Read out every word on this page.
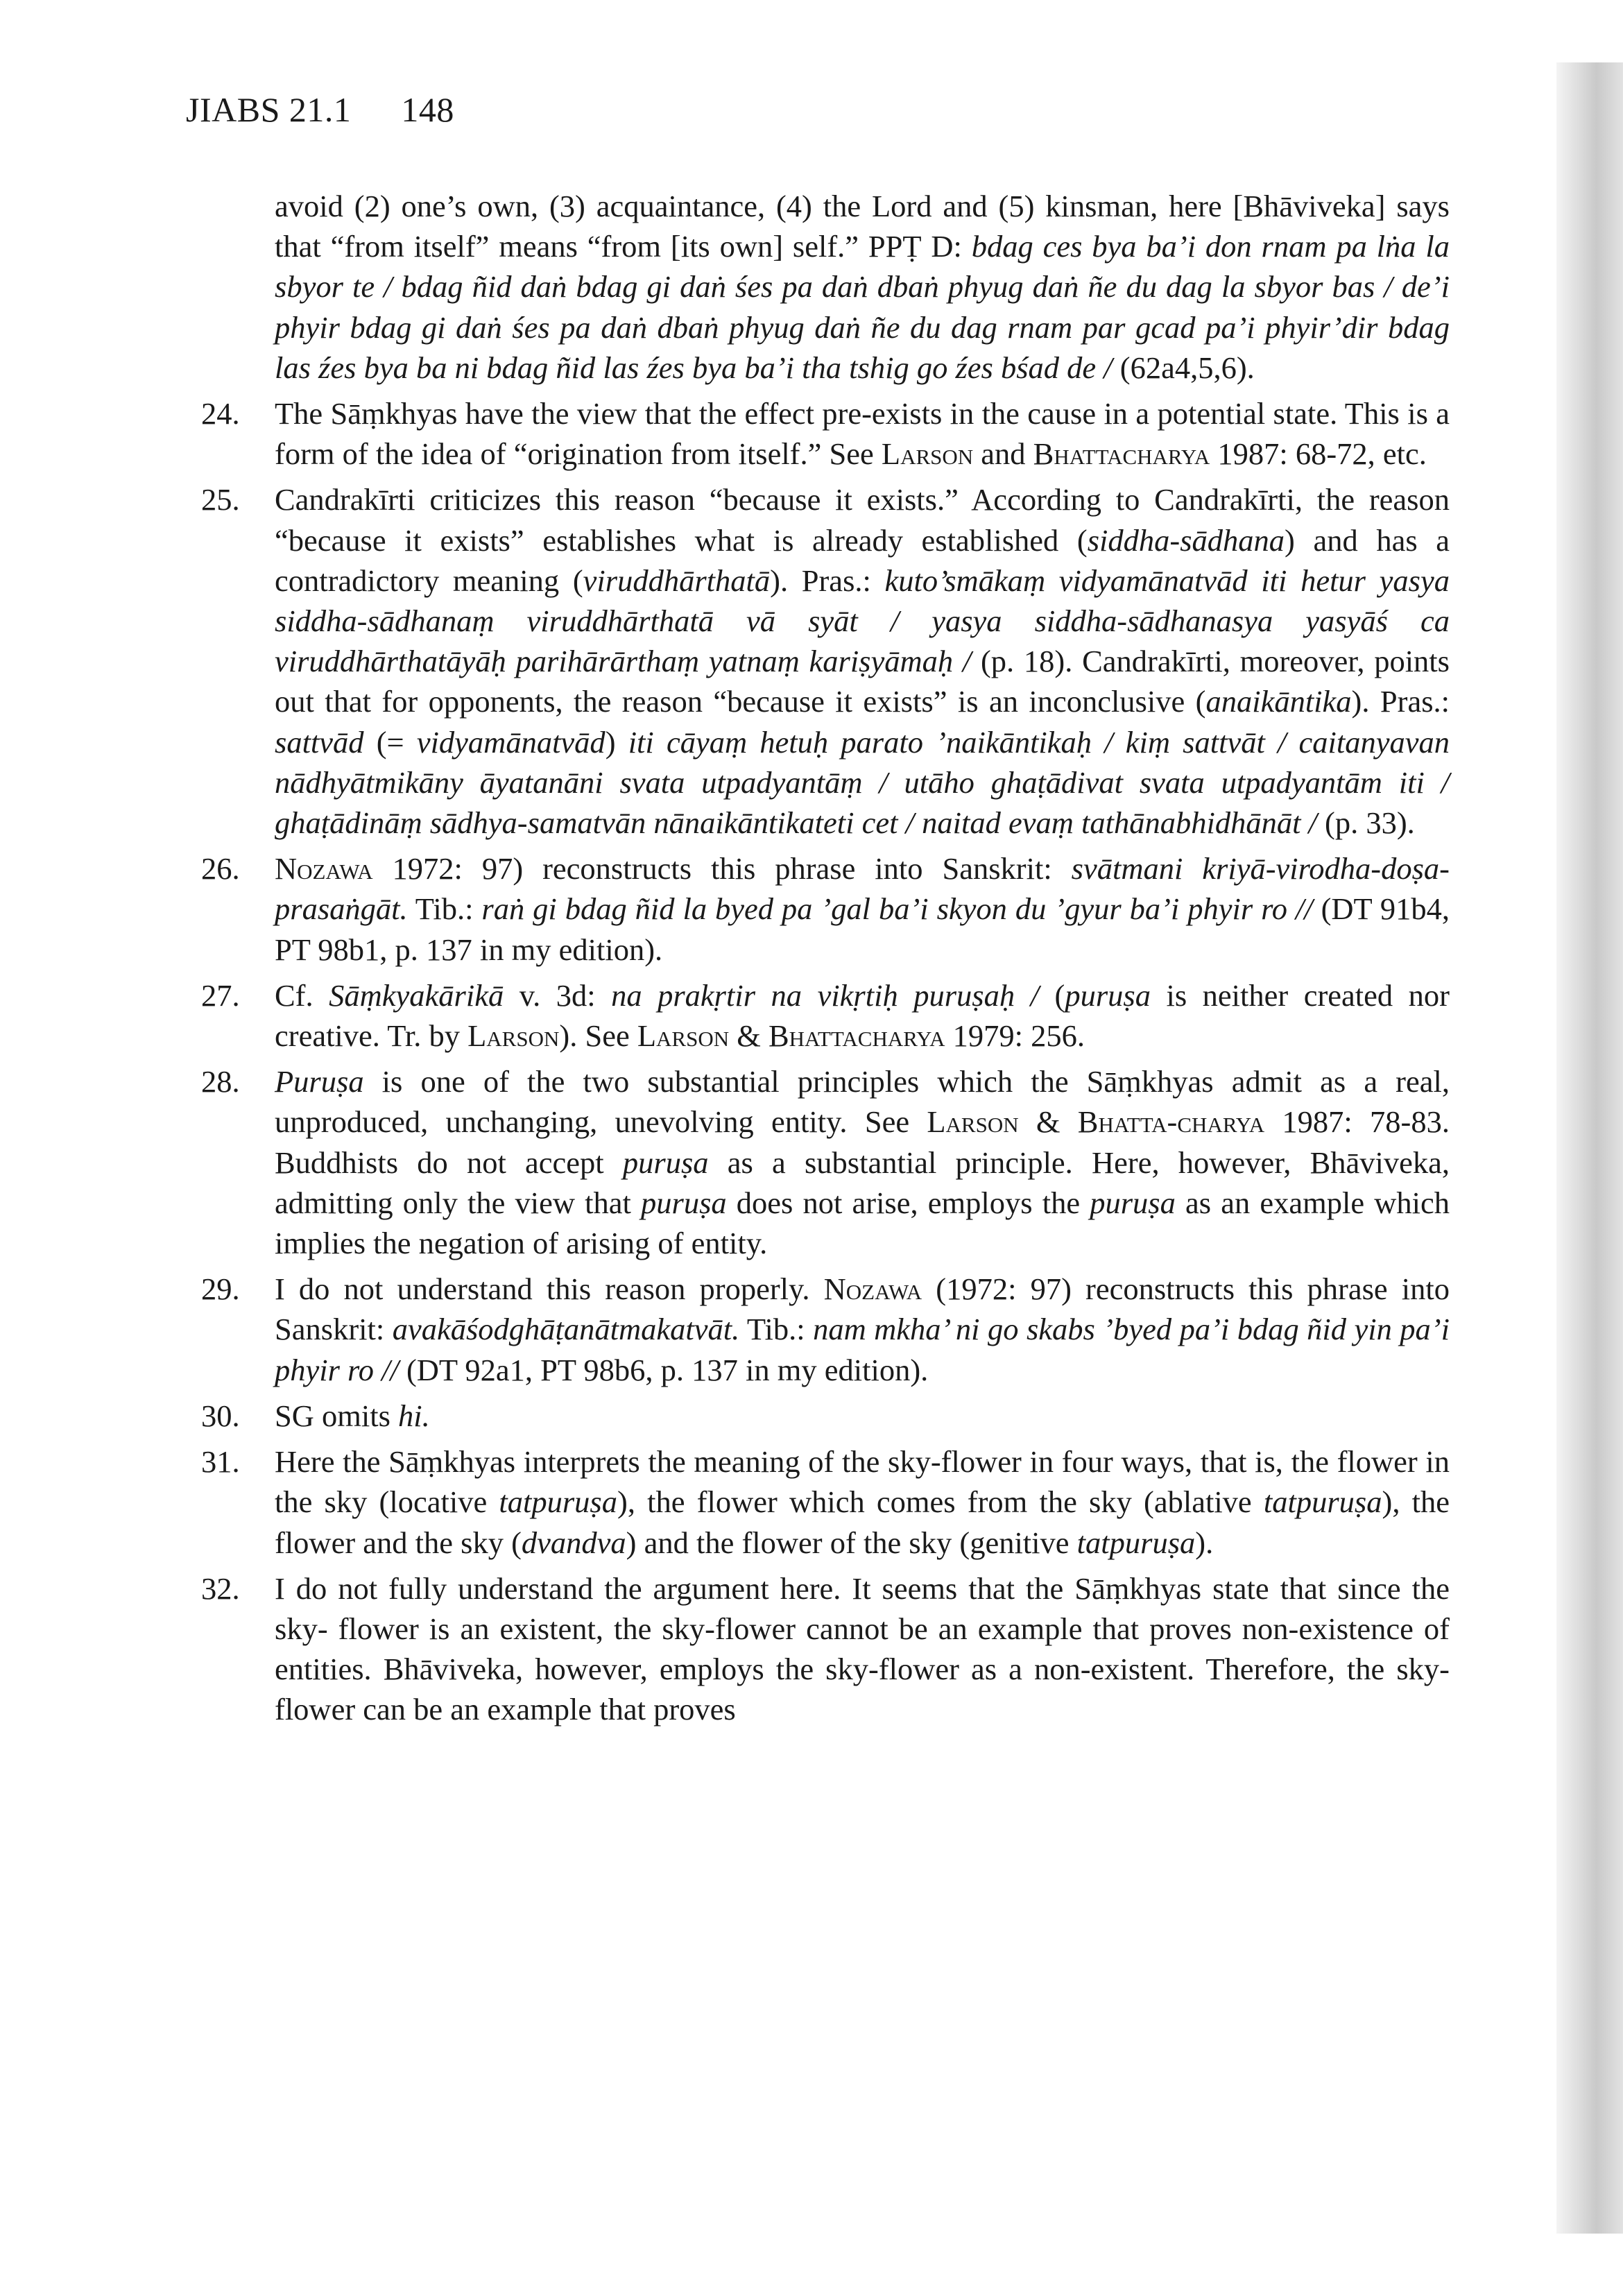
JIABS 21.1 148

avoid (2) one’s own, (3) acquaintance, (4) the Lord and (5) kinsman, here [Bhāviveka] says that “from itself” means “from [its own] self.” PPṬ D: bdag ces bya ba’i don rnam pa lṅa la sbyor te / bdag ñid daṅ bdag gi daṅ śes pa daṅ dbaṅ phyug daṅ ñe du dag la sbyor bas / de’i phyir bdag gi daṅ śes pa daṅ dbaṅ phyug daṅ ñe du dag rnam par gcad pa’i phyir’dir bdag las źes bya ba ni bdag ñid las źes bya ba’i tha tshig go źes bśad de / (62a4,5,6).

24.	The Sāṃkhyas have the view that the effect pre-exists in the cause in a potential state. This is a form of the idea of “origination from itself.” See Larson and Bhattacharya 1987: 68-72, etc.
25.	Candrakīrti criticizes this reason “because it exists.” According to Candrakīrti, the reason “because it exists” establishes what is already established (siddha-sādhana) and has a contradictory meaning (viruddhārthatā). Pras.: kuto’smākaṃ vidyamānatvād iti hetur yasya siddha-sādhanaṃ viruddhārthatā vā syāt / yasya siddha-sādhanasya yasyāś ca viruddhārthatāyāḥ parihārārthaṃ yatnaṃ kariṣyāmaḥ / (p. 18). Candrakīrti, moreover, points out that for opponents, the reason “because it exists” is an inconclusive (anaikāntika). Pras.: sattvād (= vidyamānatvād) iti cāyaṃ hetuḥ parato ’naikāntikaḥ / kiṃ sattvāt / caitanyavan nādhyātmikāny āyatanāni svata utpadyantāṃ / utāho ghaṭādivat svata utpadyantām iti / ghaṭādināṃ sādhya-samatvān nānaikāntikateti cet / naitad evaṃ tathānabhidhānāt / (p. 33).
26.	Nozawa 1972: 97) reconstructs this phrase into Sanskrit: svātmani kriyā-virodha-doṣa-prasaṅgāt. Tib.: raṅ gi bdag ñid la byed pa ’gal ba’i skyon du ’gyur ba’i phyir ro // (DT 91b4, PT 98b1, p. 137 in my edition).
27.	Cf. Sāṃkyakārikā v. 3d: na prakṛtir na vikṛtiḥ puruṣaḥ / (puruṣa is neither created nor creative. Tr. by Larson). See Larson & Bhattacharya 1979: 256.
28.	Puruṣa is one of the two substantial principles which the Sāṃkhyas admit as a real, unproduced, unchanging, unevolving entity. See Larson & Bhatta-charya 1987: 78-83. Buddhists do not accept puruṣa as a substantial principle. Here, however, Bhāviveka, admitting only the view that puruṣa does not arise, employs the puruṣa as an example which implies the negation of arising of entity.
29.	I do not understand this reason properly. Nozawa (1972: 97) reconstructs this phrase into Sanskrit: avakāśodghāṭanātmakatvāt. Tib.: nam mkha’ ni go skabs ’byed pa’i bdag ñid yin pa’i phyir ro // (DT 92a1, PT 98b6, p. 137 in my edition).
30.	SG omits hi.
31.	Here the Sāṃkhyas interprets the meaning of the sky-flower in four ways, that is, the flower in the sky (locative tatpuruṣa), the flower which comes from the sky (ablative tatpuruṣa), the flower and the sky (dvandva) and the flower of the sky (genitive tatpuruṣa).
32.	I do not fully understand the argument here. It seems that the Sāṃkhyas state that since the sky- flower is an existent, the sky-flower cannot be an example that proves non-existence of entities. Bhāviveka, however, employs the sky-flower as a non-existent. Therefore, the sky-flower can be an example that proves
